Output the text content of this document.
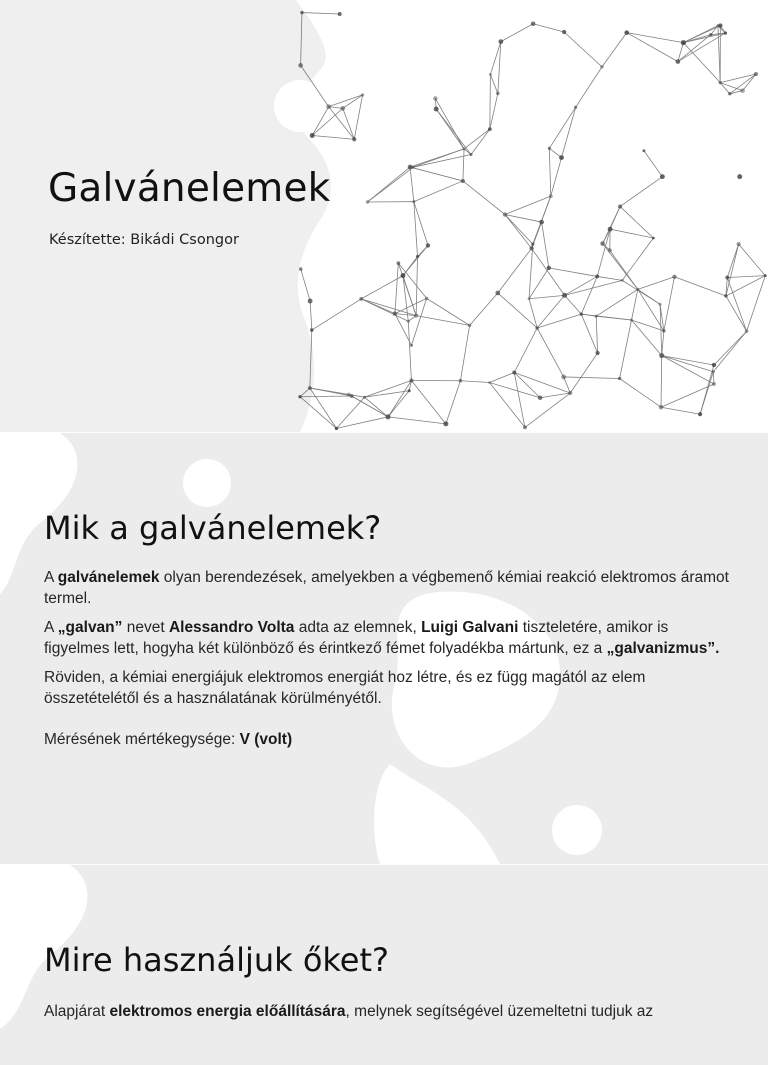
Galvánelemek

Készítette: Bikádi Csongor

Mik a galvánelemek?

A galvánelemek olyan berendezések, amelyekben a végbemenő kémiai reakció elektromos áramot termel.

A „galvan” nevet Alessandro Volta adta az elemnek, Luigi Galvani tiszteletére, amikor is figyelmes lett, hogyha két különböző és érintkező fémet folyadékba mártunk, ez a „galvanizmus”.

Röviden, a kémiai energiájuk elektromos energiát hoz létre, és ez függ magától az elem összetételétől és a használatának körülményétől.

Mérésének mértékegysége: V (volt)

Mire használjuk őket?

Alapjárat elektromos energia előállítására, melynek segítségével üzemeltetni tudjuk az
